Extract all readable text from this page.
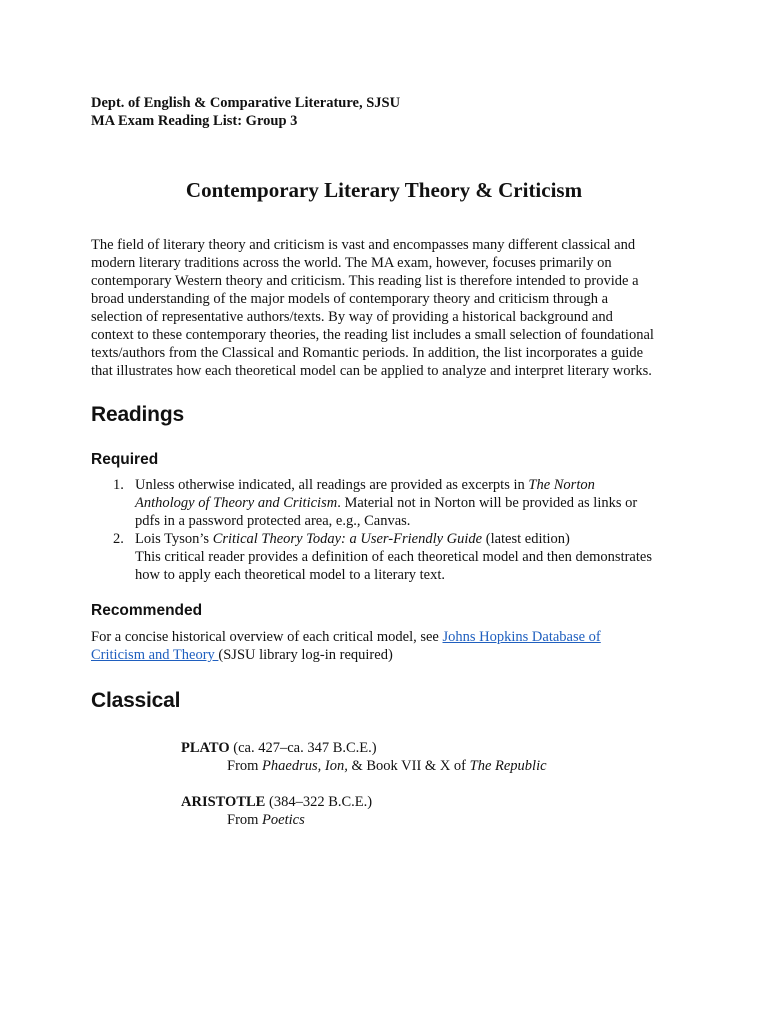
Dept. of English & Comparative Literature, SJSU
MA Exam Reading List: Group 3
Contemporary Literary Theory & Criticism
The field of literary theory and criticism is vast and encompasses many different classical and
modern literary traditions across the world. The MA exam, however, focuses primarily on
contemporary Western theory and criticism. This reading list is therefore intended to provide a
broad understanding of the major models of contemporary theory and criticism through a
selection of representative authors/texts. By way of providing a historical background and
context to these contemporary theories, the reading list includes a small selection of foundational
texts/authors from the Classical and Romantic periods. In addition, the list incorporates a guide
that illustrates how each theoretical model can be applied to analyze and interpret literary works.
Readings
Required
1. Unless otherwise indicated, all readings are provided as excerpts in The Norton
Anthology of Theory and Criticism. Material not in Norton will be provided as links or
pdfs in a password protected area, e.g., Canvas.
2. Lois Tyson’s Critical Theory Today: a User-Friendly Guide (latest edition)
This critical reader provides a definition of each theoretical model and then demonstrates
how to apply each theoretical model to a literary text.
Recommended
For a concise historical overview of each critical model, see Johns Hopkins Database of
Criticism and Theory (SJSU library log-in required)
Classical
PLATO (ca. 427–ca. 347 B.C.E.)
From Phaedrus, Ion, & Book VII & X of The Republic
ARISTOTLE (384–322 B.C.E.)
From Poetics
